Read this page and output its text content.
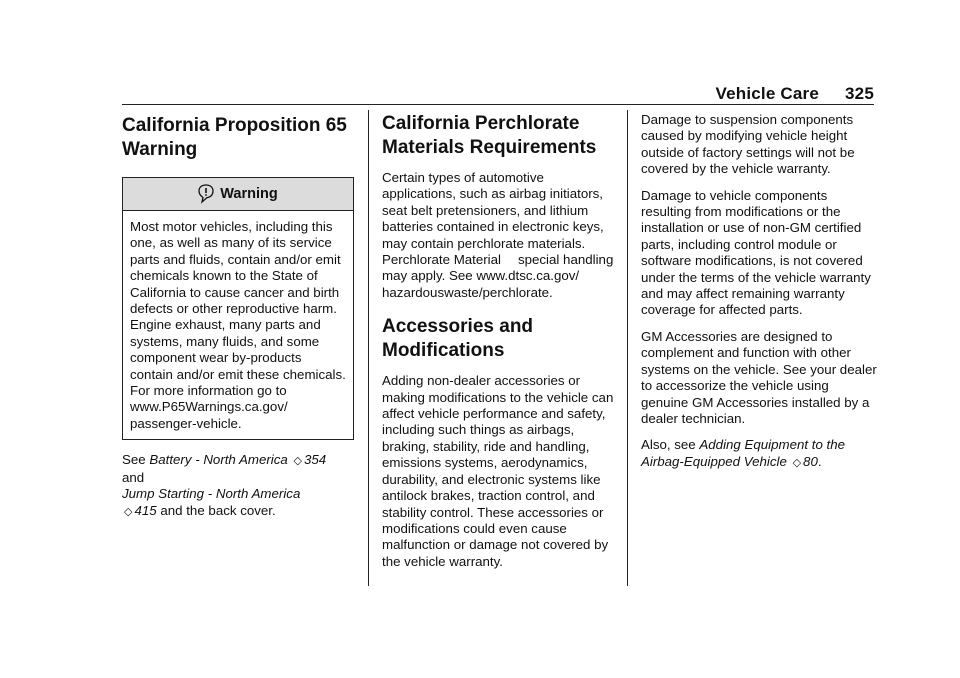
Vehicle Care 325
California Proposition 65 Warning
Warning

Most motor vehicles, including this one, as well as many of its service parts and fluids, contain and/or emit chemicals known to the State of California to cause cancer and birth defects or other reproductive harm. Engine exhaust, many parts and systems, many fluids, and some component wear by-products contain and/or emit these chemicals. For more information go to www.P65Warnings.ca.gov/ passenger-vehicle.

See Battery - North America ◇ 354

and

Jump Starting - North America

◇ 415 and the back cover.

California Perchlorate Materials Requirements

Certain types of automotive applications, such as airbag initiators, seat belt pretensioners, and lithium batteries contained in electronic keys, may contain perchlorate materials. Perchlorate Material  special handling may apply. See www.dtsc.ca.gov/ hazardouswaste/perchlorate.

Accessories and Modifications

Adding non-dealer accessories or making modifications to the vehicle can affect vehicle performance and safety, including such things as airbags, braking, stability, ride and handling, emissions systems, aerodynamics, durability, and electronic systems like antilock brakes, traction control, and stability control. These accessories or modifications could even cause malfunction or damage not covered by the vehicle warranty.

Damage to suspension components caused by modifying vehicle height outside of factory settings will not be covered by the vehicle warranty.

Damage to vehicle components resulting from modifications or the installation or use of non-GM certified parts, including control module or software modifications, is not covered under the terms of the vehicle warranty and may affect remaining warranty coverage for affected parts.

GM Accessories are designed to complement and function with other systems on the vehicle. See your dealer to accessorize the vehicle using genuine GM Accessories installed by a dealer technician.

Also, see Adding Equipment to the Airbag-Equipped Vehicle ◇ 80.
